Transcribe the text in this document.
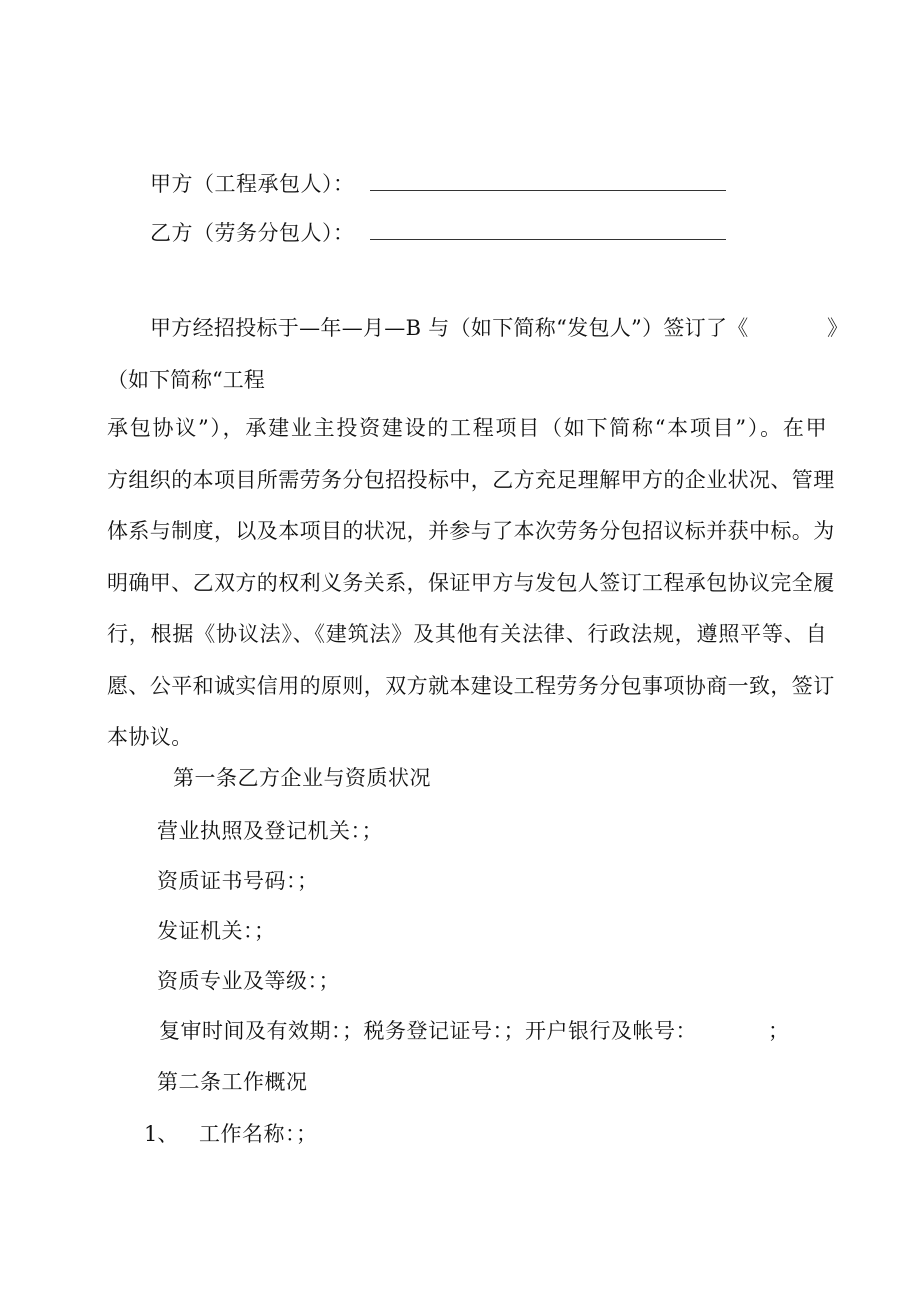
甲方（工程承包人）：
乙方（劳务分包人）：
甲方经招投标于—年—月—B 与（如下简称“发包人”）签订了《	》
（如下简称“工程
承包协议”），承建业主投资建设的工程项目（如下简称“本项目”）。在甲
方组织的本项目所需劳务分包招投标中，乙方充足理解甲方的企业状况、管理
体系与制度，以及本项目的状况，并参与了本次劳务分包招议标并获中标。为
明确甲、乙双方的权利义务关系，保证甲方与发包人签订工程承包协议完全履
行，根据《协议法》、《建筑法》及其他有关法律、行政法规，遵照平等、自
愿、公平和诚实信用的原则，双方就本建设工程劳务分包事项协商一致，签订
本协议。
第一条乙方企业与资质状况
营业执照及登记机关：；
资质证书号码：；
发证机关：；
资质专业及等级：；
复审时间及有效期：；税务登记证号：；开户银行及帐号：	；
第二条工作概况
1、 工作名称：；
